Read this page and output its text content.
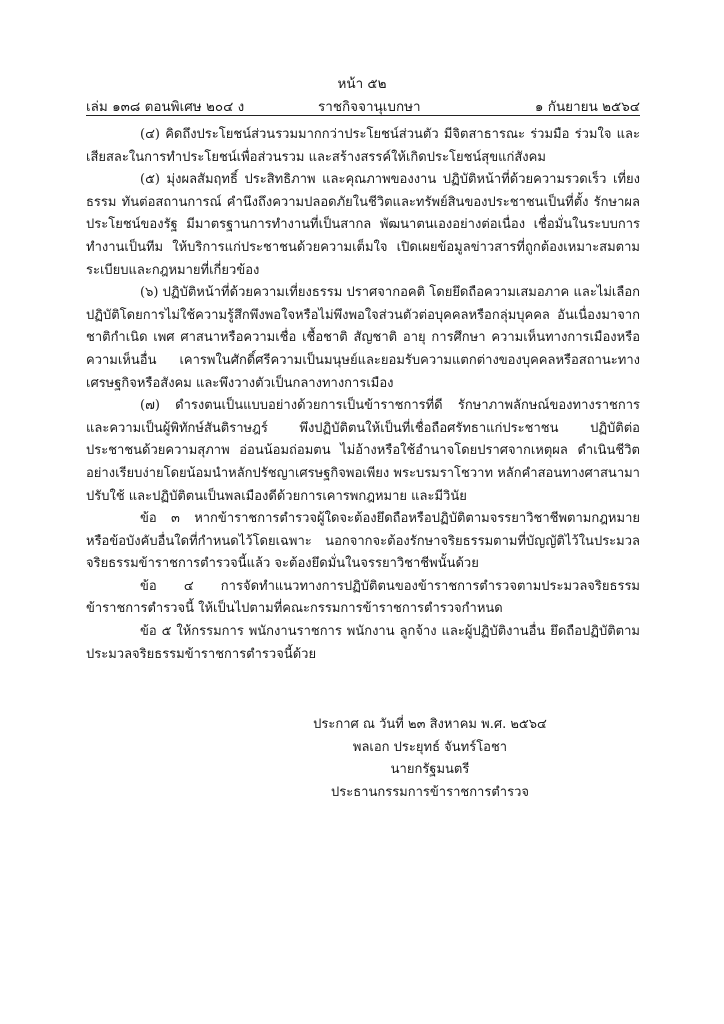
หน้า ๕๒
เล่ม ๑๓๘ ตอนพิเศษ ๒๐๔ ง	ราชกิจจานุเบกษา	๑ กันยายน ๒๕๖๔

(๔) คิดถึงประโยชน์ส่วนรวมมากกว่าประโยชน์ส่วนตัว มีจิตสาธารณะ ร่วมมือ ร่วมใจ และเสียสละในการทำประโยชน์เพื่อส่วนรวม และสร้างสรรค์ให้เกิดประโยชน์สุขแก่สังคม

(๕) มุ่งผลสัมฤทธิ์ ประสิทธิภาพ และคุณภาพของงาน ปฏิบัติหน้าที่ด้วยความรวดเร็ว เที่ยงธรรม ทันต่อสถานการณ์ คำนึงถึงความปลอดภัยในชีวิตและทรัพย์สินของประชาชนเป็นที่ตั้ง รักษาผลประโยชน์ของรัฐ มีมาตรฐานการทำงานที่เป็นสากล พัฒนาตนเองอย่างต่อเนื่อง เชื่อมั่นในระบบการทำงานเป็นทีม ให้บริการแก่ประชาชนด้วยความเต็มใจ เปิดเผยข้อมูลข่าวสารที่ถูกต้องเหมาะสมตามระเบียบและกฎหมายที่เกี่ยวข้อง

(๖) ปฏิบัติหน้าที่ด้วยความเที่ยงธรรม ปราศจากอคติ โดยยึดถือความเสมอภาค และไม่เลือกปฏิบัติโดยการไม่ใช้ความรู้สึกพึงพอใจหรือไม่พึงพอใจส่วนตัวต่อบุคคลหรือกลุ่มบุคคล อันเนื่องมาจากชาติกำเนิด เพศ ศาสนาหรือความเชื่อ เชื้อชาติ สัญชาติ อายุ การศึกษา ความเห็นทางการเมืองหรือความเห็นอื่น เคารพในศักดิ์ศรีความเป็นมนุษย์และยอมรับความแตกต่างของบุคคลหรือสถานะทางเศรษฐกิจหรือสังคม และพึงวางตัวเป็นกลางทางการเมือง

(๗) ดำรงตนเป็นแบบอย่างด้วยการเป็นข้าราชการที่ดี รักษาภาพลักษณ์ของทางราชการและความเป็นผู้พิทักษ์สันติราษฎร์ พึงปฏิบัติตนให้เป็นที่เชื่อถือศรัทธาแก่ประชาชน ปฏิบัติต่อประชาชนด้วยความสุภาพ อ่อนน้อมถ่อมตน ไม่อ้างหรือใช้อำนาจโดยปราศจากเหตุผล ดำเนินชีวิตอย่างเรียบง่ายโดยน้อมนำหลักปรัชญาเศรษฐกิจพอเพียง พระบรมราโชวาท หลักคำสอนทางศาสนามาปรับใช้ และปฏิบัติตนเป็นพลเมืองดีด้วยการเคารพกฎหมาย และมีวินัย

ข้อ ๓ หากข้าราชการตำรวจผู้ใดจะต้องยึดถือหรือปฏิบัติตามจรรยาวิชาชีพตามกฎหมายหรือข้อบังคับอื่นใดที่กำหนดไว้โดยเฉพาะ นอกจากจะต้องรักษาจริยธรรมตามที่บัญญัติไว้ในประมวลจริยธรรมข้าราชการตำรวจนี้แล้ว จะต้องยึดมั่นในจรรยาวิชาชีพนั้นด้วย

ข้อ ๔ การจัดทำแนวทางการปฏิบัติตนของข้าราชการตำรวจตามประมวลจริยธรรมข้าราชการตำรวจนี้ ให้เป็นไปตามที่คณะกรรมการข้าราชการตำรวจกำหนด

ข้อ ๕ ให้กรรมการ พนักงานราชการ พนักงาน ลูกจ้าง และผู้ปฏิบัติงานอื่น ยึดถือปฏิบัติตามประมวลจริยธรรมข้าราชการตำรวจนี้ด้วย

ประกาศ ณ วันที่ ๒๓ สิงหาคม พ.ศ. ๒๕๖๔
พลเอก ประยุทธ์ จันทร์โอชา
นายกรัฐมนตรี
ประธานกรรมการข้าราชการตำรวจ
